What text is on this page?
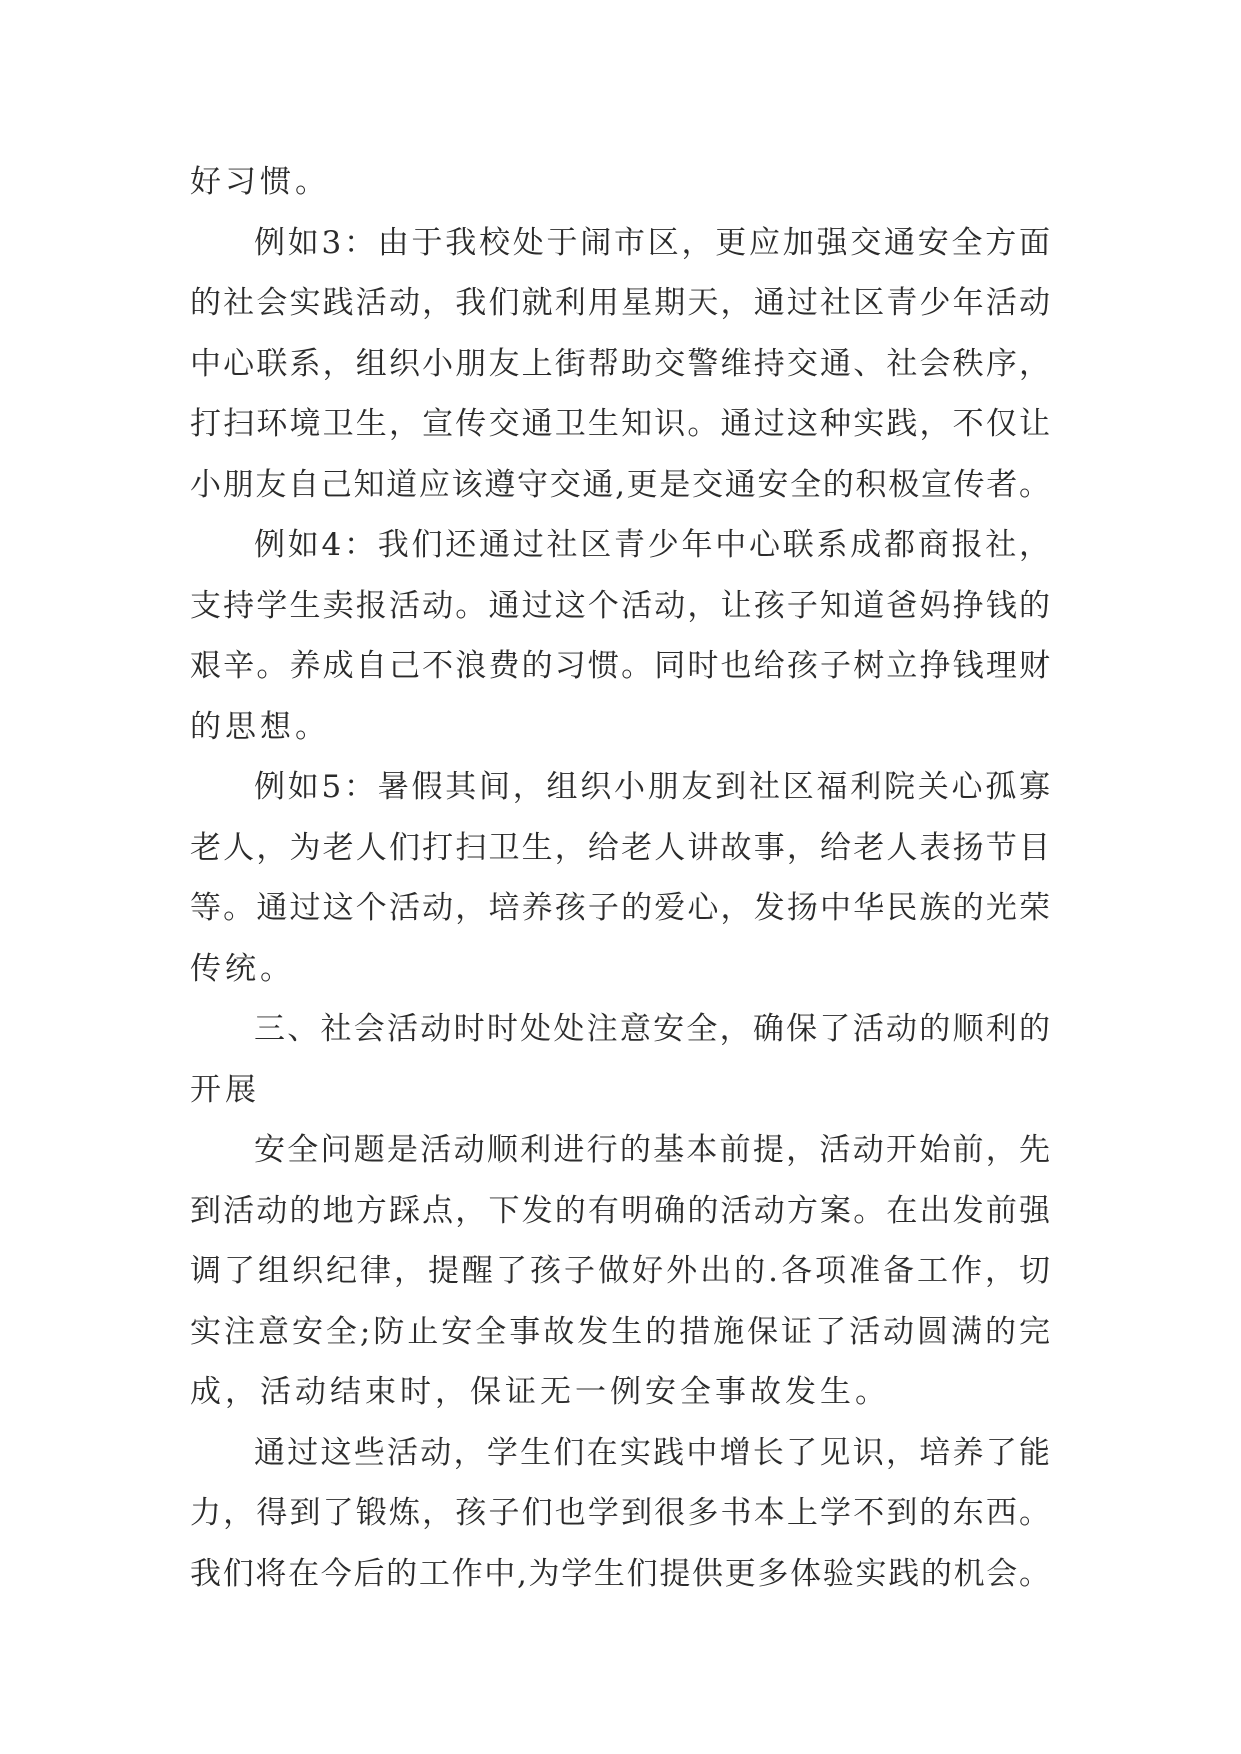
好习惯。
例如3：由于我校处于闹市区，更应加强交通安全方面
的社会实践活动，我们就利用星期天，通过社区青少年活动
中心联系，组织小朋友上街帮助交警维持交通、社会秩序，
打扫环境卫生，宣传交通卫生知识。通过这种实践，不仅让
小朋友自己知道应该遵守交通,更是交通安全的积极宣传者。
例如4：我们还通过社区青少年中心联系成都商报社，
支持学生卖报活动。通过这个活动，让孩子知道爸妈挣钱的
艰辛。养成自己不浪费的习惯。同时也给孩子树立挣钱理财
的思想。
例如5：暑假其间，组织小朋友到社区福利院关心孤寡
老人，为老人们打扫卫生，给老人讲故事，给老人表扬节目
等。通过这个活动，培养孩子的爱心，发扬中华民族的光荣
传统。
三、社会活动时时处处注意安全，确保了活动的顺利的
开展
安全问题是活动顺利进行的基本前提，活动开始前，先
到活动的地方踩点，下发的有明确的活动方案。在出发前强
调了组织纪律，提醒了孩子做好外出的.各项准备工作，切
实注意安全;防止安全事故发生的措施保证了活动圆满的完
成，活动结束时，保证无一例安全事故发生。
通过这些活动，学生们在实践中增长了见识，培养了能
力，得到了锻炼，孩子们也学到很多书本上学不到的东西。
我们将在今后的工作中,为学生们提供更多体验实践的机会。
